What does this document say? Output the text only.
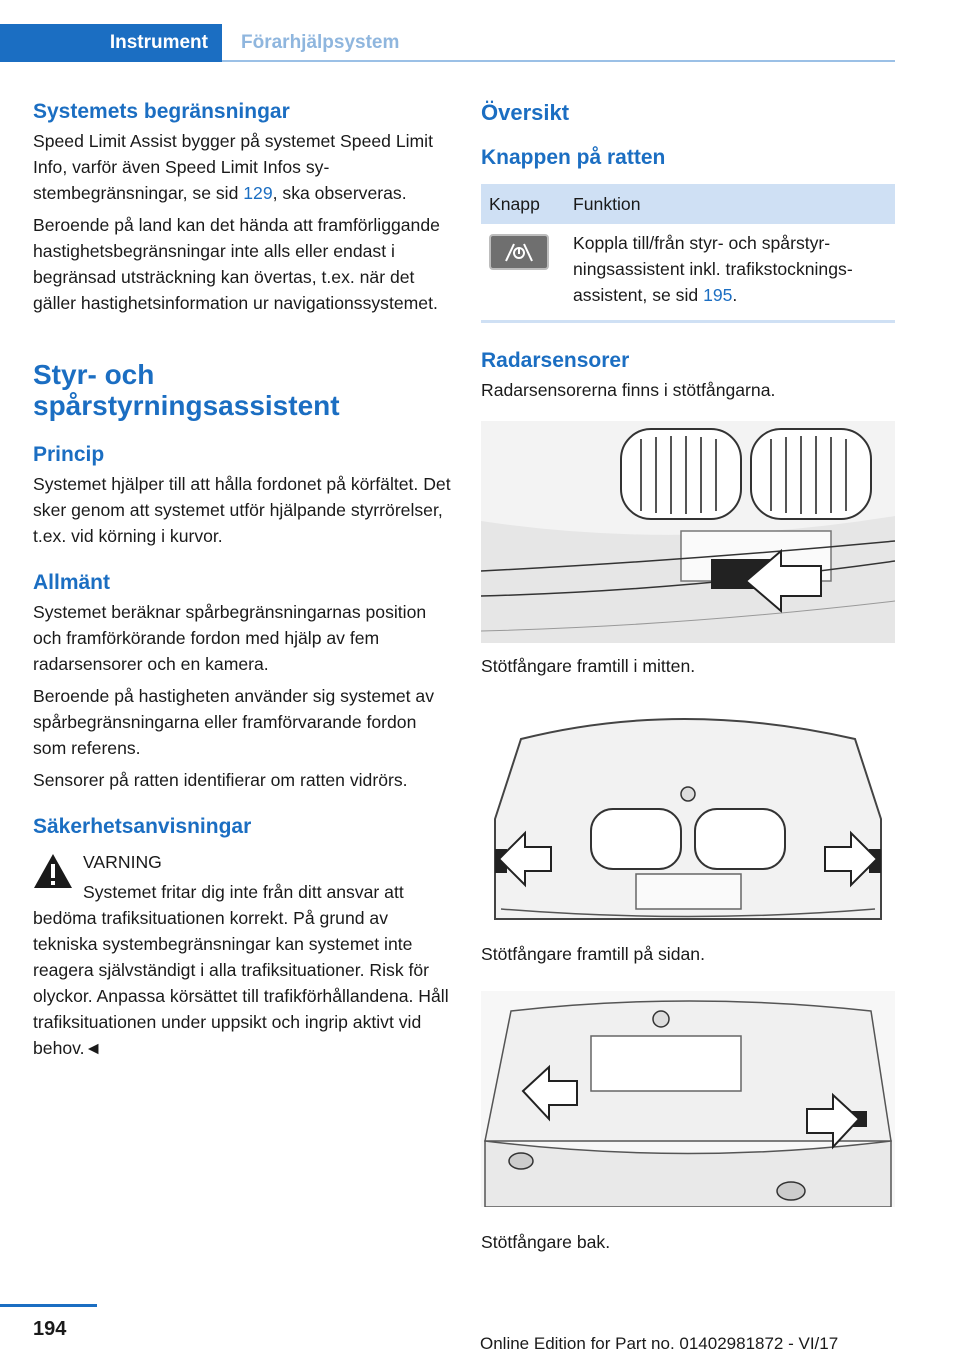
Instrument	Förarhjälpsystem
Systemets begränsningar

Speed Limit Assist bygger på systemet Speed Limit Info, varför även Speed Limit Infos systembegränsningar, se sid 129, ska observeras.

Beroende på land kan det hända att framförliggande hastighetsbegränsningar inte alls eller endast i begränsad utsträckning kan övertas, t.ex. när det gäller hastighetsinformation ur navigationssystemet.

Styr- och spårstyrningsassistent
Princip

Systemet hjälper till att hålla fordonet på körfältet. Det sker genom att systemet utför hjälpande styrrörelser, t.ex. vid körning i kurvor.

Allmänt

Systemet beräknar spårbegränsningarnas position och framförkörande fordon med hjälp av fem radarsensorer och en kamera.

Beroende på hastigheten använder sig systemet av spårbegränsningarna eller framförvarande fordon som referens.

Sensorer på ratten identifierar om ratten vidrörs.

Säkerhetsanvisningar
VARNING

Systemet fritar dig inte från ditt ansvar att bedöma trafiksituationen korrekt. På grund av tekniska systembegränsningar kan systemet inte reagera självständigt i alla trafiksituationer. Risk för olyckor. Anpassa körsättet till trafikförhållandena. Håll trafiksituationen under uppsikt och ingrip aktivt vid behov.◄

Översikt
Knappen på ratten
Knapp	Funktion

	Koppla till/från styr- och spårstyrningsassistent inkl. trafikstockningsassistent, se sid 195.
Radarsensorer

Radarsensorerna finns i stötfångarna.

Stötfångare framtill i mitten.

Stötfångare framtill på sidan.

Stötfångare bak.

194
Online Edition for Part no. 01402981872 - VI/17
